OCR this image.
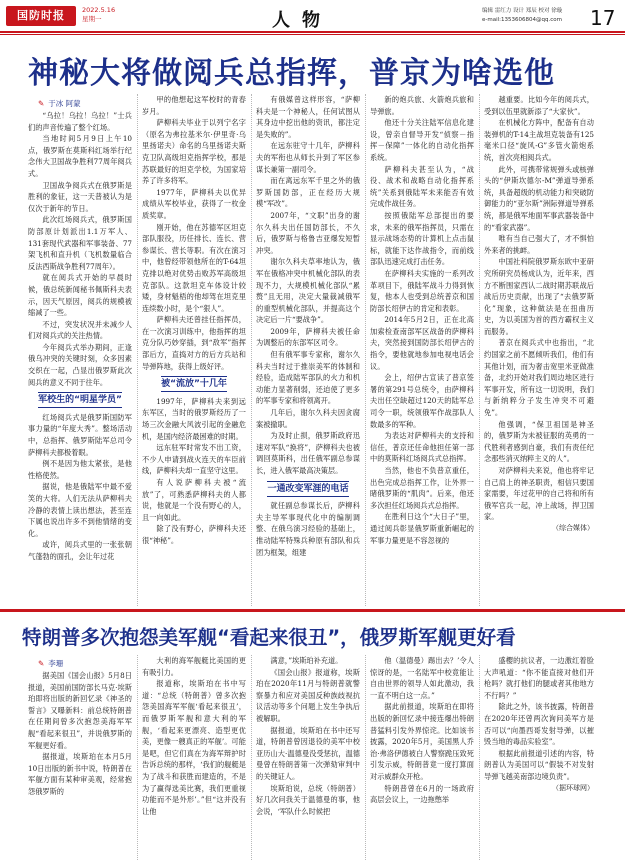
国防时报	2022.5.16
星期一	人物	编辑 雷红力 设计 郑辰 校对 徐璇
e-mail:1353606804@qq.com	17
神秘大将做阅兵总指挥，普京为啥选他
✎ 于冰 阿蒙

“乌拉！乌拉！乌拉！”士兵们的声音传遍了整个红场。

当地时间5月9日上午10点，俄罗斯在莫斯科红场举行纪念伟大卫国战争胜利77周年阅兵式。

卫国战争阅兵式在俄罗斯是胜利的象征，这一天普被认为是仅次于新年的节日。

此次红场阅兵式，俄罗斯国防部原计划派出1.1万军人、131套现代武器和军事装备、77架飞机和直升机（飞机数量临合反法西斯战争胜利77周年）。

就在阅兵式开始的早晨时候，俄总统新闻秘书佩斯科夫表示，因天气原因，阅兵的规模被缩减了一些。

不过，突发状况并未减少人们对阅兵式的关注热情。

今年阅兵式举办期间，正逢俄乌冲突的关键时刻，众多因素交织在一起，凸显出俄罗斯此次阅兵的意义不同于往年。

军校生的“明星学员”

红场阅兵式是俄罗斯国防军事力量的“年度大秀”。整场活动中，总指挥、俄罗斯陆军总司令萨柳科夫都极着眼。

例不是因为他太紧张，是他性格使然。

据说，他是俄陆军中最不爱笑的大将。人们无法从萨柳科夫冷静的表情上读出想法，甚至连下属也说出许多不到他情绪的变化。

或许，阅兵式里的一张张朝气蓬勃的面孔，会让年过花

甲的他想起这军校时的青春岁月。

萨柳科夫毕业于以列宁名字（原名为弗拉基米尔·伊里奇·乌里扬诺夫）命名的乌里扬诺夫斯克卫队高级坦克指挥学校，那是苏联最好的坦克学校，为国家培养了许多将军。

1977年，萨柳科夫以优异成绩从军校毕业，获得了一枚金质奖章。

刚开始，他在苏德军区坦克部队服役，历任排长、连长、营参谋长、营长等职。有次在演习中，他曾经带领他所在的T-64坦克排以绝对优势击败苏军高级坦克部队。这款坦克车体设计较矮，身材魁梧的他却驾在坦克里连续数小时，是个“狠人”。

萨柳科夫还曾挂任指挥员，在一次演习训练中，他指挥的坦克分队巧妙穿插，到“敌军”指挥部后方，直捣对方的后方兵站和导弹阵地，获得上级好评。

被“流放”十几年

1997年，萨柳科夫来到远东军区，当时的俄罗斯经历了一场三次金融大风波引起的金融危机，是国内经济最困难的时期。

远东驻军时常发不出工资，不少人申请到战火连天的车臣前线，萨柳科夫却一直坚守这里。

有人说萨柳科夫被“流放”了，可熟悉萨柳科夫的人都说，他就是一个没有野心的人，且一向如此。

除了没有野心，萨柳科夫还很“神秘”。

有俄媒曾这样形容，“萨柳科夫是一个神秘人，任何试图从其身边中挖出他的资讯，都注定是失败的”。

在远东驻守十几年，萨柳科夫的军衔也从师长升到了军区参谋长兼第一副司令。

而在离远东军千里之外的俄罗斯国防部，正在经历大规模“军改”。

2007年，“文职”出身的谢尔久科夫出任国防部长，不久后，俄罗斯与格鲁吉亚爆发短暂冲突。

谢尔久科夫草率地认为，俄军在俄格冲突中机械化部队的表现不力，大规模机械化部队“累赘”且无用，决定大量裁减俄军的重型机械化部队，并提高这个决定后一片“要战争”。

2009年，萨柳科夫被任命为调整后的东部军区司令。

但有俄军事专家称，谢尔久科夫当时过于推崇美军的体制和经验，造成陆军部队的火力和机动能力显著削弱，还迫使了更多的军事专家和将领离开。

几年后，谢尔久科夫因贪腐案被撤职。

为及时止损，俄罗斯政府迅速对军队“换将”，萨柳科夫也被调回莫斯科，出任俄军副总参谋长，进入俄军最高决策层。

一通改变军涯的电话

就任副总参谋长后，萨柳科夫主导军事现代化中的编制调整、在俄乌演习经验的基础上，推动陆军特殊兵种原有部队和兵团为框架，组建

新的炮兵旅、火箭炮兵旅和导弹旅。

他还十分关注陆军信息化建设，曾亲自督导开发“侦察－指挥－保障”一体化的自动化指挥系统。

萨柳科夫甚至认为，“战役、战术和战略自动化指挥系统”关系到俄陆军未来能否有效完成作战任务。

按照俄陆军总部提出的要求，未来的俄军指挥员，只需在显示战场态势的计算机上点击鼠标，就能下达作战指令，而前线部队迅速完成打击任务。

在萨柳科夫实施的一系列改革项目下，俄陆军战斗力得到恢复，他本人也受到总统普京和国防部长绍伊古的肯定和表彰。

2014年5月2日，正在北高加索检查南部军区战备的萨柳科夫，突然接到国防部长绍伊古的指令，要他就地参加电视电话会议。

会上，绍伊古宣读了普京签署的第291号总统令，由萨柳科夫出任空缺超过120天的陆军总司令一职，统领俄军作战部队人数最多的军种。

为表达对萨柳科夫的支持和信任，普京还任命他担任第一部中的莫斯科红场阅兵式总指挥。

当然，他也不负普京重任，出色完成总指挥工作，让外界一睹俄罗斯的“肌肉”。后来，他还多次担任红场阅兵式总指挥。

在胜利日这个“大日子”里，通过阅兵彰显俄罗斯重新崛起的军事力量更是不容忽视的

越重要。比如今年的阅兵式，受到以伍里就新添了“大家伙”。

在机械化方阵中，配备有自动装弹机的T-14主战坦克装备有125毫米口径“旋风-G”多管火箭炮系统，首次亮相阅兵式。

此外，可携带常规弹头或核弹头的“伊斯坎德尔-M”弹道导弹系统，具备超级的机动能力和突破防御能力的“亚尔斯”洲际弹道导弹系统，都是俄军地面军事武器装备中的“看家武器”。

唯有当自己强大了，才不惧怕外来者的挑衅。

中国社科院俄罗斯东欧中亚研究所研究员杨成认为，近年来，西方不断围家西认二战时期苏联战后战后历史贡献，出现了“去俄罗斯化”现象，这种做法是在扭曲历史，为以美国为首的西方霸权主义而服务。

普京在阅兵式中也指出，“北约国家之前不愿倾听我们，他们有其他计划，而为奢击宽里米亚做准备，北约开始对我们周边地区进行军事开发，所有这一切说明，我们与新纳粹分子发生冲突不可避免”。

他强调，“保卫祖国是神圣的，俄罗斯为未被征服的英勇的一代胜利者感到自豪，我们有责任纪念那些消灭纳粹主义的人”。

对萨柳科夫来说，他也将牢记自己肩上的神圣职责，相信只要国家需要，年过花甲的自己将和所有俄军官兵一起，冲上战场，捍卫国家。

（综合媒体）
特朗普多次抱怨美军舰“看起来很丑”，俄罗斯军舰更好看
✎ 李珊

据美国《国会山报》5月8日报道，美国前国防部长马克·埃斯珀即将出版的新回忆录《神圣的誓言》又曝新料：前总统特朗普在任期间曾多次抱怨美海军军舰“看起来很丑”，并说俄罗斯的军舰更好看。

据报道，埃斯珀在本月5月10日出版的新书中说，特朗普在军舰方面有某种审美观，经常抱怨俄罗斯的

大利的海军舰艇比美国的更有吸引力。

报道称，埃斯珀在书中写道：“总统（特朗普）曾多次抱怨美国海军军舰‘看起来很丑’，而俄罗斯军舰和意大利的军舰，‘看起来更漂亮、造型更优美，更像一艘真正的军舰’。可能是吧，但它们真在为海军辩护时告诉总统的那样，‘我们的舰艇是为了战斗和获胜而建造的，不是为了赢得选美比赛，我们更重视功能而不是外形’。”但“这并没有让他

满意，”埃斯珀补充道。

《国会山报》报道称，埃斯珀在2020年11月与特朗普就警察暴力和应对美国反种族歧视抗议活动等多个问题上发生争执后被解职。

据报道，埃斯珀在书中还写道，特朗普曾因退役的美军中校亚历山大·温德曼没受惩抗，温德曼曾在特朗普第一次弹劾审判中的关键证人。

埃斯珀说，总统（特朗普）好几次问我关于温德曼的事，他会说，‘军队什么时候把

他（温德曼）踢出去？’令人惊讶的是，一名陆军中校竟能让自由世界的领导人如此激动，我一直不明白这一点。”

据此前报道，埃斯珀在即将出版的新回忆录中接连爆出特朗普猛料引发外界惊诧。比如该书披露，2020年5月，美国黑人乔治·弗洛伊德被白人警察跪压致死引发示威，特朗普竟一度打算面对示威群众开枪。

特朗普曾在6月的一场政府高层会议上，一边拖憋举

盛樱的抗议者，一边激红着脸大声吼道：“你不能直接对他们开枪吗？就打他们的腿或者其他地方不行吗？”

除此之外，该书披露，特朗普在2020年还曾两次询问美军方是否可以“向墨西哥发射导弹，以摧毁当地的毒品实验室”。

根据此前报道引述的内容，特朗普认为美国可以“假装不对发射导弹飞越美南部边境负责”。

（据环球网）
